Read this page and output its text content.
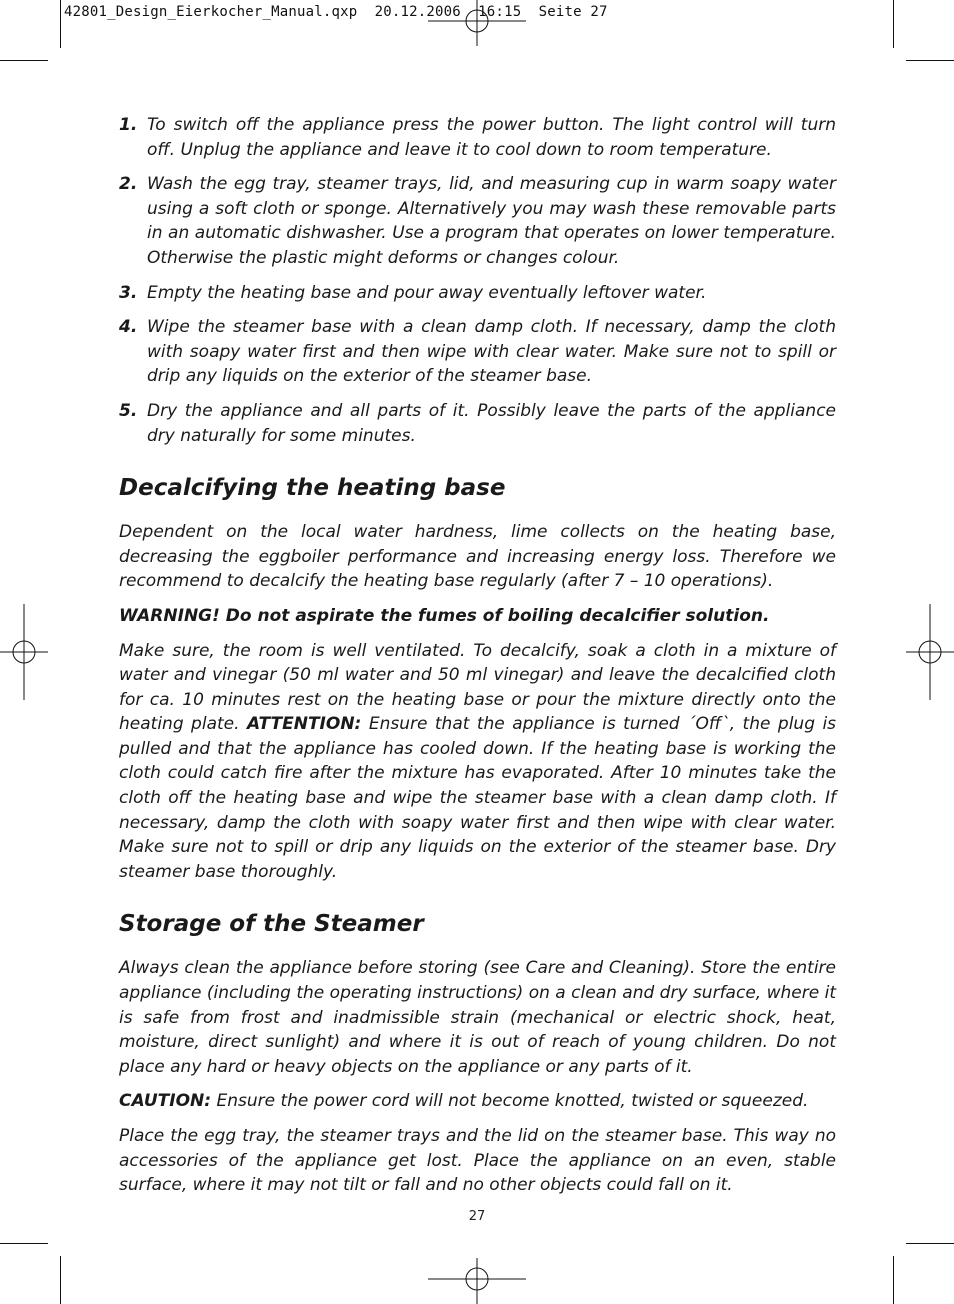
42801_Design_Eierkocher_Manual.qxp  20.12.2006  16:15  Seite 27
1. To switch off the appliance press the power button. The light control will turn off. Unplug the appliance and leave it to cool down to room temperature.
2. Wash the egg tray, steamer trays, lid, and measuring cup in warm soapy water using a soft cloth or sponge. Alternatively you may wash these removable parts in an automatic dishwasher. Use a program that operates on lower temperature. Otherwise the plastic might deforms or changes colour.
3. Empty the heating base and pour away eventually leftover water.
4. Wipe the steamer base with a clean damp cloth. If necessary, damp the cloth with soapy water first and then wipe with clear water. Make sure not to spill or drip any liquids on the exterior of the steamer base.
5. Dry the appliance and all parts of it. Possibly leave the parts of the appliance dry naturally for some minutes.
Decalcifying the heating base

Dependent on the local water hardness, lime collects on the heating base, decreasing the eggboiler performance and increasing energy loss. Therefore we recommend to decalcify the heating base regularly (after 7 – 10 operations).

WARNING! Do not aspirate the fumes of boiling decalcifier solution.

Make sure, the room is well ventilated. To decalcify, soak a cloth in a mixture of water and vinegar (50 ml water and 50 ml vinegar) and leave the decalcified cloth for ca. 10 minutes rest on the heating base or pour the mixture directly onto the heating plate. ATTENTION: Ensure that the appliance is turned ´Off`, the plug is pulled and that the appliance has cooled down. If the heating base is working the cloth could catch fire after the mixture has evaporated. After 10 minutes take the cloth off the heating base and wipe the steamer base with a clean damp cloth. If necessary, damp the cloth with soapy water first and then wipe with clear water. Make sure not to spill or drip any liquids on the exterior of the steamer base. Dry steamer base thoroughly.

Storage of the Steamer

Always clean the appliance before storing (see Care and Cleaning). Store the entire appliance (including the operating instructions) on a clean and dry surface, where it is safe from frost and inadmissible strain (mechanical or electric shock, heat, moisture, direct sunlight) and where it is out of reach of young children. Do not place any hard or heavy objects on the appliance or any parts of it.

CAUTION: Ensure the power cord will not become knotted, twisted or squeezed.

Place the egg tray, the steamer trays and the lid on the steamer base. This way no accessories of the appliance get lost. Place the appliance on an even, stable surface, where it may not tilt or fall and no other objects could fall on it.

27
